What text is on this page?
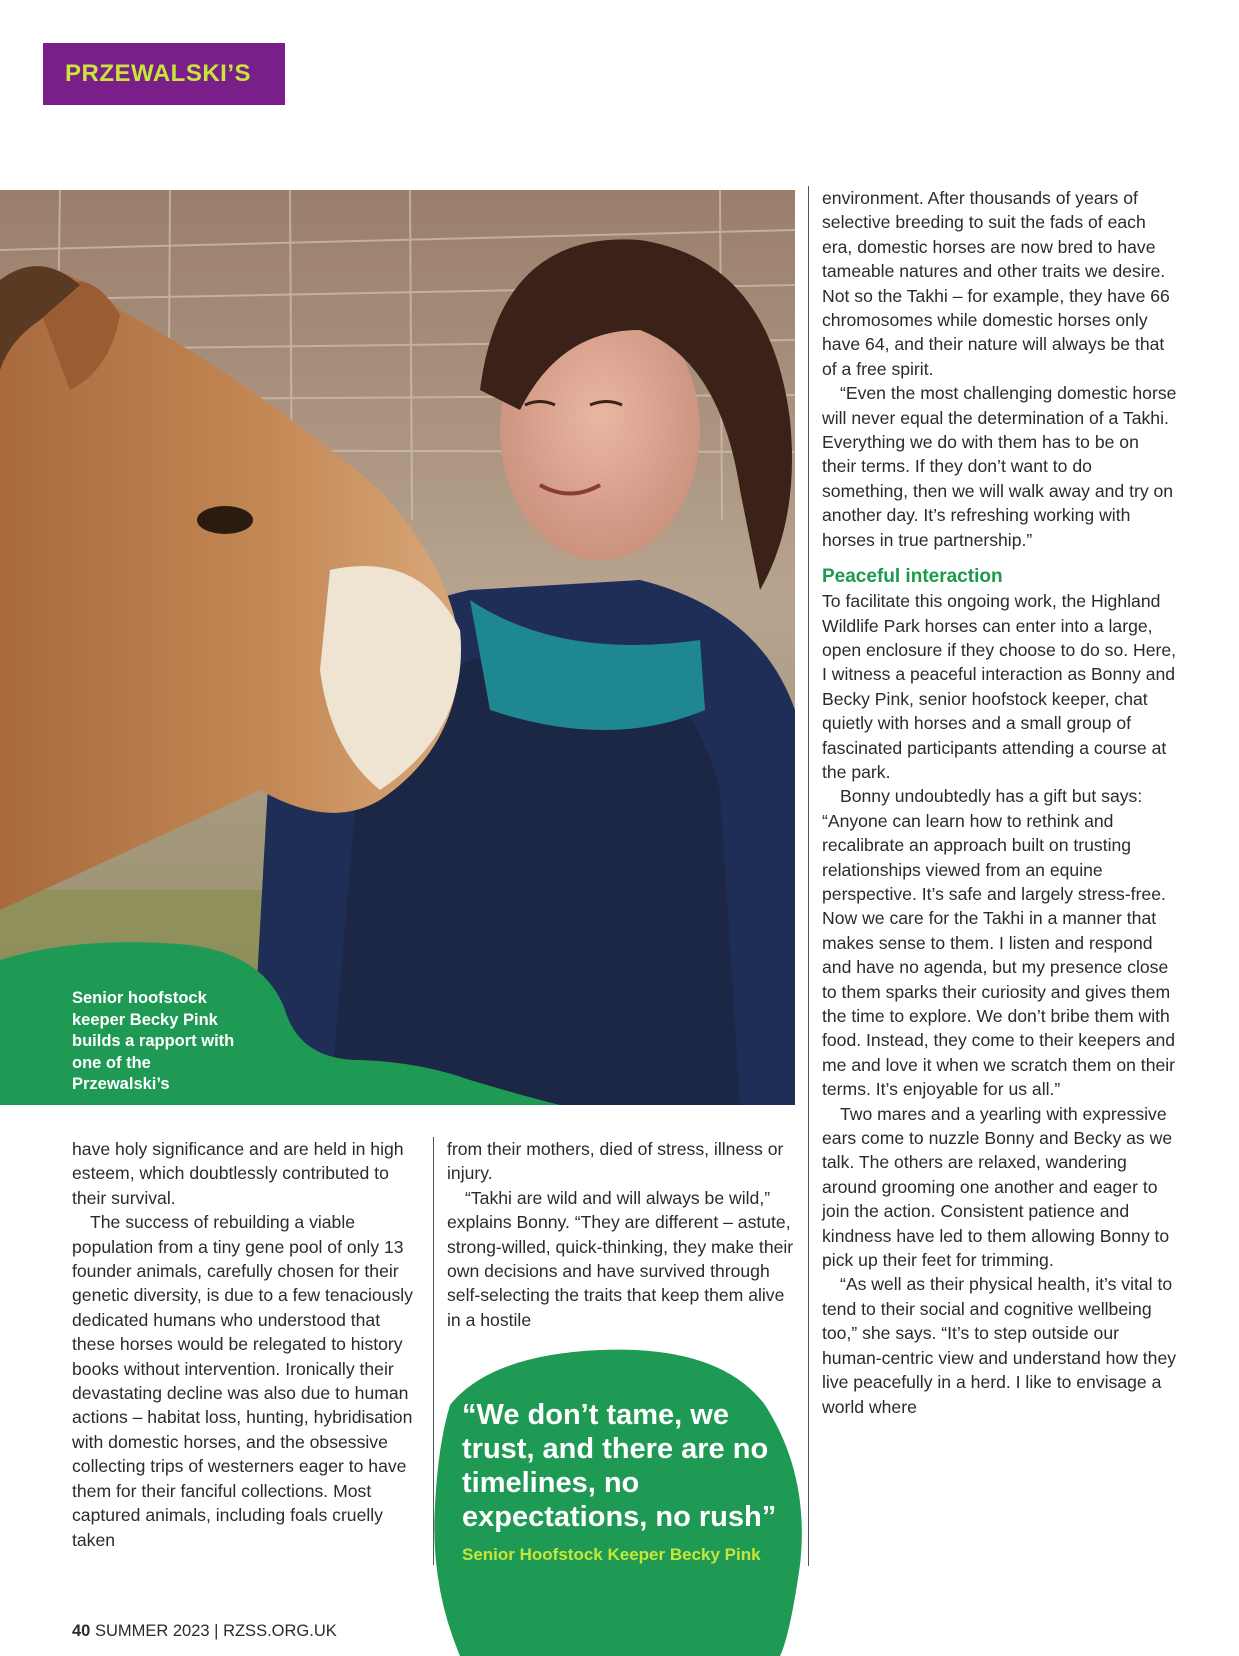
PRZEWALSKI’S
Senior hoofstock keeper Becky Pink builds a rapport with one of the Przewalski’s

have holy significance and are held in high esteem, which doubtlessly contributed to their survival.

The success of rebuilding a viable population from a tiny gene pool of only 13 founder animals, carefully chosen for their genetic diversity, is due to a few tenaciously dedicated humans who understood that these horses would be relegated to history books without intervention. Ironically their devastating decline was also due to human actions – habitat loss, hunting, hybridisation with domestic horses, and the obsessive collecting trips of westerners eager to have them for their fanciful collections. Most captured animals, including foals cruelly taken

from their mothers, died of stress, illness or injury.

“Takhi are wild and will always be wild,” explains Bonny. “They are different – astute, strong-willed, quick-thinking, they make their own decisions and have survived through self-selecting the traits that keep them alive in a hostile

environment. After thousands of years of selective breeding to suit the fads of each era, domestic horses are now bred to have tameable natures and other traits we desire. Not so the Takhi – for example, they have 66 chromosomes while domestic horses only have 64, and their nature will always be that of a free spirit.

“Even the most challenging domestic horse will never equal the determination of a Takhi. Everything we do with them has to be on their terms. If they don’t want to do something, then we will walk away and try on another day. It’s refreshing working with horses in true partnership.”

Peaceful interaction

To facilitate this ongoing work, the Highland Wildlife Park horses can enter into a large, open enclosure if they choose to do so. Here, I witness a peaceful interaction as Bonny and Becky Pink, senior hoofstock keeper, chat quietly with horses and a small group of fascinated participants attending a course at the park.

Bonny undoubtedly has a gift but says: “Anyone can learn how to rethink and recalibrate an approach built on trusting relationships viewed from an equine perspective. It’s safe and largely stress-free. Now we care for the Takhi in a manner that makes sense to them. I listen and respond and have no agenda, but my presence close to them sparks their curiosity and gives them the time to explore. We don’t bribe them with food. Instead, they come to their keepers and me and love it when we scratch them on their terms. It’s enjoyable for us all.”

Two mares and a yearling with expressive ears come to nuzzle Bonny and Becky as we talk. The others are relaxed, wandering around grooming one another and eager to join the action. Consistent patience and kindness have led to them allowing Bonny to pick up their feet for trimming.

“As well as their physical health, it’s vital to tend to their social and cognitive wellbeing too,” she says. “It’s to step outside our human-centric view and understand how they live peacefully in a herd. I like to envisage a world where

“We don’t tame, we trust, and there are no timelines, no expectations, no rush”
Senior Hoofstock Keeper Becky Pink
40 SUMMER 2023 | RZSS.ORG.UK
